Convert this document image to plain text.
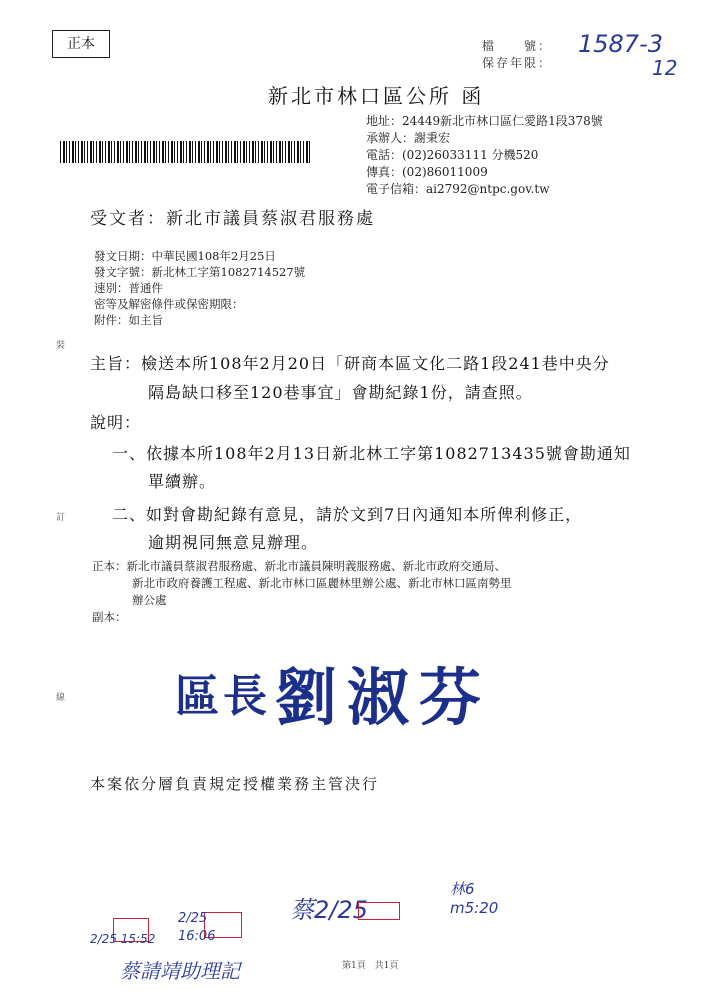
正本	檔　　號：
保存年限：
1587-3
12
新北市林口區公所 函
地址：24449新北市林口區仁愛路1段378號
承辦人：謝秉宏
電話：(02)26033111 分機520
傳真：(02)86011009
電子信箱：ai2792@ntpc.gov.tw
受文者：新北市議員蔡淑君服務處
發文日期：中華民國108年2月25日
發文字號：新北林工字第1082714527號
速別：普通件
密等及解密條件或保密期限：
附件：如主旨
裝
訂
線
主旨：檢送本所108年2月20日「研商本區文化二路1段241巷中央分
隔島缺口移至120巷事宜」會勘紀錄1份，請查照。
說明：
一、依據本所108年2月13日新北林工字第1082713435號會勘通知
單續辦。
二、如對會勘紀錄有意見，請於文到7日內通知本所俾利修正，
逾期視同無意見辦理。
正本：新北市議員蔡淑君服務處、新北市議員陳明義服務處、新北市政府交通局、
新北市政府養護工程處、新北市林口區麗林里辦公處、新北市林口區南勢里
辦公處
副本：
區長 劉淑芬
本案依分層負責規定授權業務主管決行
2/25 15:52
2/25 16:06
蔡請靖助理記
蔡2/25
林6 m5:20
第1頁　共1頁
